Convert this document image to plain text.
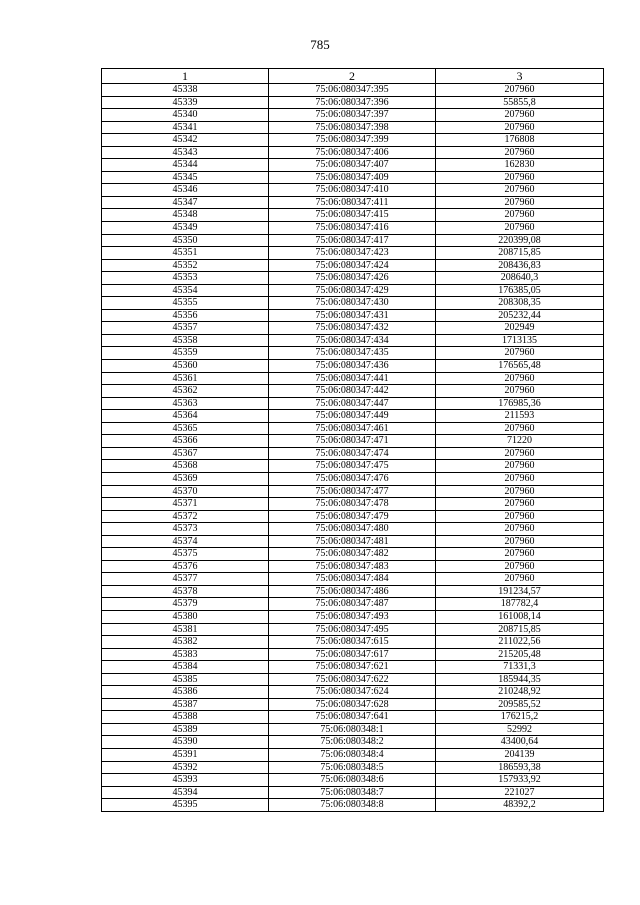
785
1	2	3
45338	75:06:080347:395	207960
45339	75:06:080347:396	55855,8
45340	75:06:080347:397	207960
45341	75:06:080347:398	207960
45342	75:06:080347:399	176808
45343	75:06:080347:406	207960
45344	75:06:080347:407	162830
45345	75:06:080347:409	207960
45346	75:06:080347:410	207960
45347	75:06:080347:411	207960
45348	75:06:080347:415	207960
45349	75:06:080347:416	207960
45350	75:06:080347:417	220399,08
45351	75:06:080347:423	208715,85
45352	75:06:080347:424	208436,83
45353	75:06:080347:426	208640,3
45354	75:06:080347:429	176385,05
45355	75:06:080347:430	208308,35
45356	75:06:080347:431	205232,44
45357	75:06:080347:432	202949
45358	75:06:080347:434	1713135
45359	75:06:080347:435	207960
45360	75:06:080347:436	176565,48
45361	75:06:080347:441	207960
45362	75:06:080347:442	207960
45363	75:06:080347:447	176985,36
45364	75:06:080347:449	211593
45365	75:06:080347:461	207960
45366	75:06:080347:471	71220
45367	75:06:080347:474	207960
45368	75:06:080347:475	207960
45369	75:06:080347:476	207960
45370	75:06:080347:477	207960
45371	75:06:080347:478	207960
45372	75:06:080347:479	207960
45373	75:06:080347:480	207960
45374	75:06:080347:481	207960
45375	75:06:080347:482	207960
45376	75:06:080347:483	207960
45377	75:06:080347:484	207960
45378	75:06:080347:486	191234,57
45379	75:06:080347:487	187782,4
45380	75:06:080347:493	161008,14
45381	75:06:080347:495	208715,85
45382	75:06:080347:615	211022,56
45383	75:06:080347:617	215205,48
45384	75:06:080347:621	71331,3
45385	75:06:080347:622	185944,35
45386	75:06:080347:624	210248,92
45387	75:06:080347:628	209585,52
45388	75:06:080347:641	176215,2
45389	75:06:080348:1	52992
45390	75:06:080348:2	43400,64
45391	75:06:080348:4	204139
45392	75:06:080348:5	186593,38
45393	75:06:080348:6	157933,92
45394	75:06:080348:7	221027
45395	75:06:080348:8	48392,2
